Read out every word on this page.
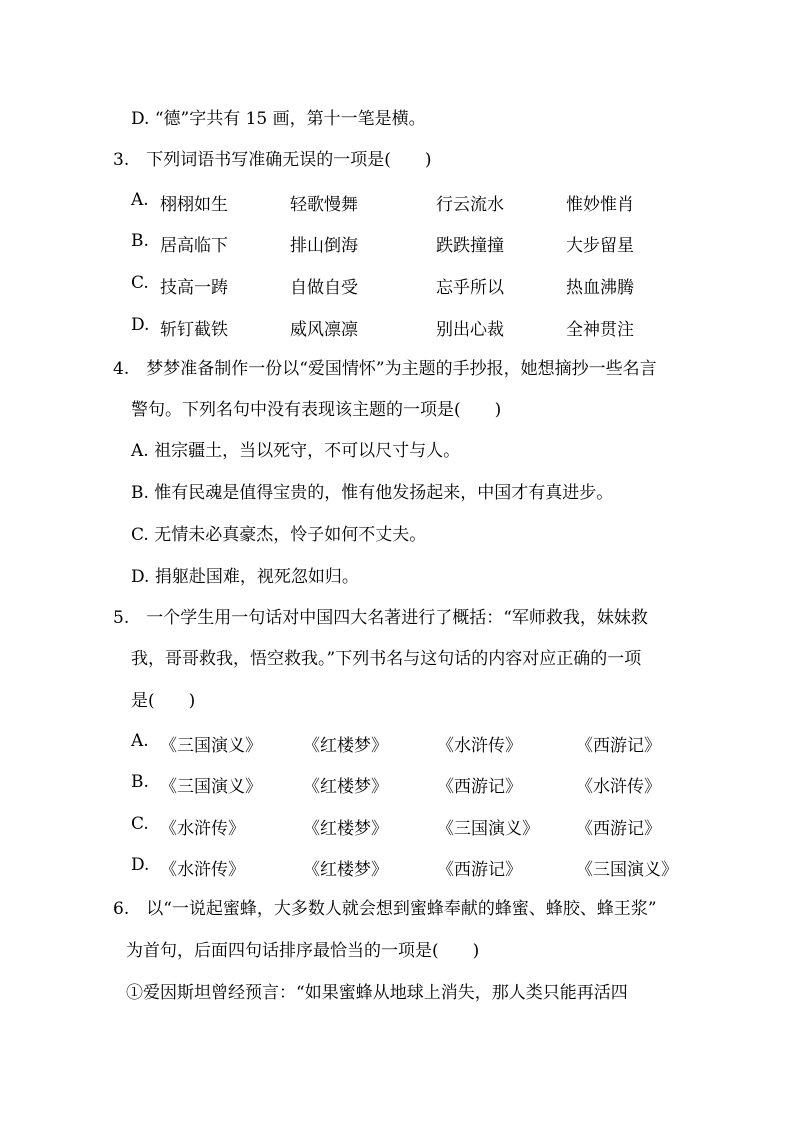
D. “德”字共有 15 画，第十一笔是横。
3.　下列词语书写准确无误的一项是(　　)
A. 栩栩如生	轻歌慢舞	行云流水	惟妙惟肖
B. 居高临下	排山倒海	跌跌撞撞	大步留星
C. 技高一踌	自做自受	忘乎所以	热血沸腾
D. 斩钉截铁	威风凛凛	别出心裁	全神贯注
4.　梦梦准备制作一份以“爱国情怀”为主题的手抄报，她想摘抄一些名言
警句。下列名句中没有表现该主题的一项是(　　)
A. 祖宗疆土，当以死守，不可以尺寸与人。
B. 惟有民魂是值得宝贵的，惟有他发扬起来，中国才有真进步。
C. 无情未必真豪杰，怜子如何不丈夫。
D. 捐躯赴国难，视死忽如归。
5.　一个学生用一句话对中国四大名著进行了概括：“军师救我，妹妹救
我，哥哥救我，悟空救我。”下列书名与这句话的内容对应正确的一项
是(　　)
A. 《三国演义》 《红楼梦》	《水浒传》	《西游记》
B. 《三国演义》 《红楼梦》	《西游记》	《水浒传》
C. 《水浒传》	《红楼梦》	《三国演义》 《西游记》
D. 《水浒传》	《红楼梦》	《西游记》	《三国演义》
6.　以“一说起蜜蜂，大多数人就会想到蜜蜂奉献的蜂蜜、蜂胶、蜂王浆”
为首句，后面四句话排序最恰当的一项是(　　)
①爱因斯坦曾经预言：“如果蜜蜂从地球上消失，那人类只能再活四
